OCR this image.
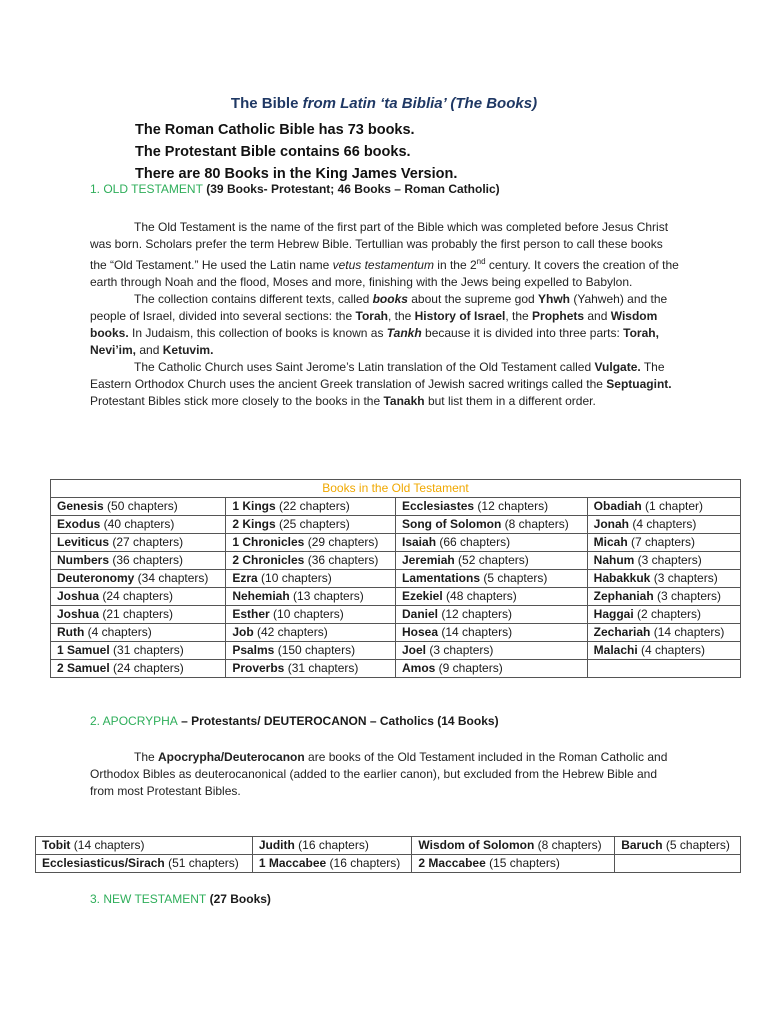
The Bible from Latin ‘ta Biblia’ (The Books)
The Roman Catholic Bible has 73 books.
The Protestant Bible contains 66 books.
There are 80 Books in the King James Version.
1. OLD TESTAMENT (39 Books- Protestant; 46 Books – Roman Catholic)

The Old Testament is the name of the first part of the Bible which was completed before Jesus Christ was born. Scholars prefer the term Hebrew Bible. Tertullian was probably the first person to call these books the “Old Testament.” He used the Latin name vetus testamentum in the 2nd century. It covers the creation of the earth through Noah and the flood, Moses and more, finishing with the Jews being expelled to Babylon.

The collection contains different texts, called books about the supreme god Yhwh (Yahweh) and the people of Israel, divided into several sections: the Torah, the History of Israel, the Prophets and Wisdom books. In Judaism, this collection of books is known as Tankh because it is divided into three parts: Torah, Nevi’im, and Ketuvim.

The Catholic Church uses Saint Jerome’s Latin translation of the Old Testament called Vulgate. The Eastern Orthodox Church uses the ancient Greek translation of Jewish sacred writings called the Septuagint. Protestant Bibles stick more closely to the books in the Tanakh but list them in a different order.

Books in the Old Testament			
Genesis (50 chapters)	1 Kings (22 chapters)	Ecclesiastes (12 chapters)	Obadiah (1 chapter)
Exodus (40 chapters)	2 Kings (25 chapters)	Song of Solomon (8 chapters)	Jonah (4 chapters)
Leviticus (27 chapters)	1 Chronicles (29 chapters)	Isaiah (66 chapters)	Micah (7 chapters)
Numbers (36 chapters)	2 Chronicles (36 chapters)	Jeremiah (52 chapters)	Nahum (3 chapters)
Deuteronomy (34 chapters)	Ezra (10 chapters)	Lamentations (5 chapters)	Habakkuk (3 chapters)
Joshua (24 chapters)	Nehemiah (13 chapters)	Ezekiel (48 chapters)	Zephaniah (3 chapters)
Joshua (21 chapters)	Esther (10 chapters)	Daniel (12 chapters)	Haggai (2 chapters)
Ruth (4 chapters)	Job (42 chapters)	Hosea (14 chapters)	Zechariah (14 chapters)
1 Samuel (31 chapters)	Psalms (150 chapters)	Joel (3 chapters)	Malachi (4 chapters)
2 Samuel (24 chapters)	Proverbs (31 chapters)	Amos (9 chapters)	
2. APOCRYPHA – Protestants/ DEUTEROCANON – Catholics (14 Books)

The Apocrypha/Deuterocanon are books of the Old Testament included in the Roman Catholic and Orthodox Bibles as deuterocanonical (added to the earlier canon), but excluded from the Hebrew Bible and from most Protestant Bibles.

Tobit (14 chapters)	Judith (16 chapters)	Wisdom of Solomon (8 chapters)	Baruch (5 chapters)
Ecclesiasticus/Sirach (51 chapters)	1 Maccabee (16 chapters)	2 Maccabee (15 chapters)	
3. NEW TESTAMENT (27 Books)
